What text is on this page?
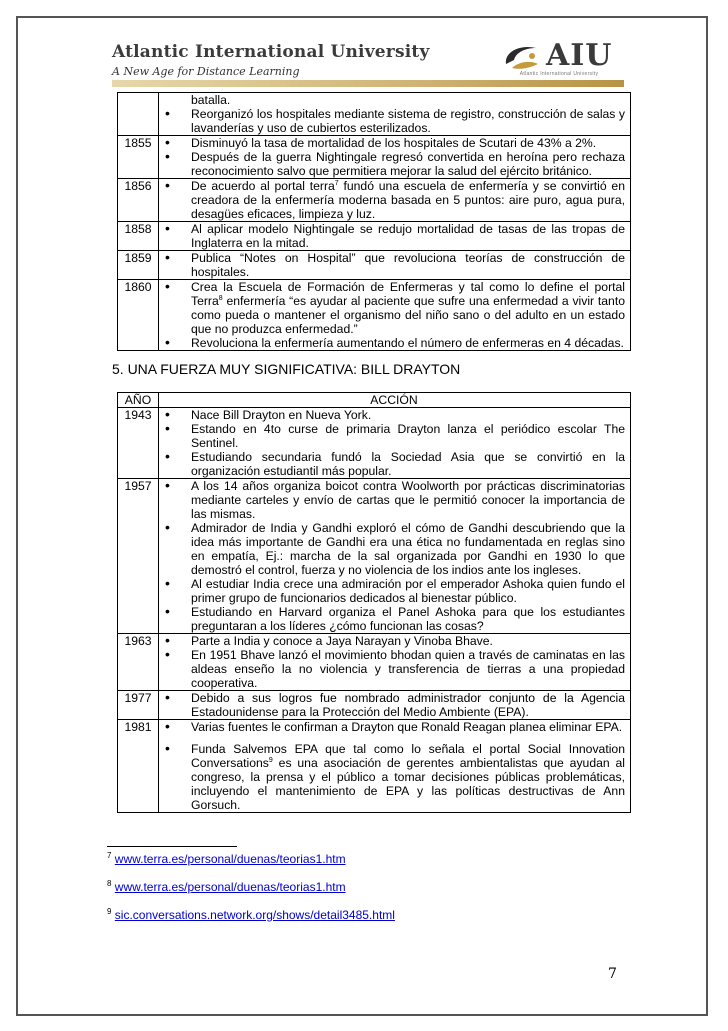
Atlantic International University
A New Age for Distance Learning	AIU
Atlantic International University

	batalla.
• Reorganizó los hospitales mediante sistema de registro, construcción de salas y lavanderías y uso de cubiertos esterilizados.

1855	• Disminuyó la tasa de mortalidad de los hospitales de Scutari de 43% a 2%.
• Después de la guerra Nightingale regresó convertida en heroína pero rechaza reconocimiento salvo que permitiera mejorar la salud del ejército británico.

1856	• De acuerdo al portal terra$^7$ fundó una escuela de enfermería y se convirtió en creadora de la enfermería moderna basada en 5 puntos: aire puro, agua pura, desagües eficaces, limpieza y luz.

1858	• Al aplicar modelo Nightingale se redujo mortalidad de tasas de las tropas de Inglaterra en la mitad.

1859	• Publica “Notes on Hospital” que revoluciona teorías de construcción de hospitales.

1860	• Crea la Escuela de Formación de Enfermeras y tal como lo define el portal Terra$^8$ enfermería “es ayudar al paciente que sufre una enfermedad a vivir tanto como pueda o mantener el organismo del niño sano o del adulto en un estado que no produzca enfermedad.”
• Revoluciona la enfermería aumentando el número de enfermeras en 4 décadas.
5. UNA FUERZA MUY SIGNIFICATIVA: BILL DRAYTON
AÑO	ACCIÓN
1943	• Nace Bill Drayton en Nueva York.
• Estando en 4to curse de primaria Drayton lanza el periódico escolar The Sentinel.
• Estudiando secundaria fundó la Sociedad Asia que se convirtió en la organización estudiantil más popular.

1957	• A los 14 años organiza boicot contra Woolworth por prácticas discriminatorias mediante carteles y envío de cartas que le permitió conocer la importancia de las mismas.
• Admirador de India y Gandhi exploró el cómo de Gandhi descubriendo que la idea más importante de Gandhi era una ética no fundamentada en reglas sino en empatía, Ej.: marcha de la sal organizada por Gandhi en 1930 lo que demostró el control, fuerza y no violencia de los indios ante los ingleses.
• Al estudiar India crece una admiración por el emperador Ashoka quien fundo el primer grupo de funcionarios dedicados al bienestar público.
• Estudiando en Harvard organiza el Panel Ashoka para que los estudiantes preguntaran a los líderes ¿cómo funcionan las cosas?

1963	• Parte a India y conoce a Jaya Narayan y Vinoba Bhave.
• En 1951 Bhave lanzó el movimiento bhodan quien a través de caminatas en las aldeas enseño la no violencia y transferencia de tierras a una propiedad cooperativa.

1977	• Debido a sus logros fue nombrado administrador conjunto de la Agencia Estadounidense para la Protección del Medio Ambiente (EPA).

1981	• Varias fuentes le confirman a Drayton que Ronald Reagan planea eliminar EPA.
• Funda Salvemos EPA que tal como lo señala el portal Social Innovation Conversations$^9$ es una asociación de gerentes ambientalistas que ayudan al congreso, la prensa y el público a tomar decisiones públicas problemáticas, incluyendo el mantenimiento de EPA y las políticas destructivas de Ann Gorsuch.
$^7$ www.terra.es/personal/duenas/teorias1.htm
$^8$ www.terra.es/personal/duenas/teorias1.htm
$^9$ sic.conversations.network.org/shows/detail3485.html
7
